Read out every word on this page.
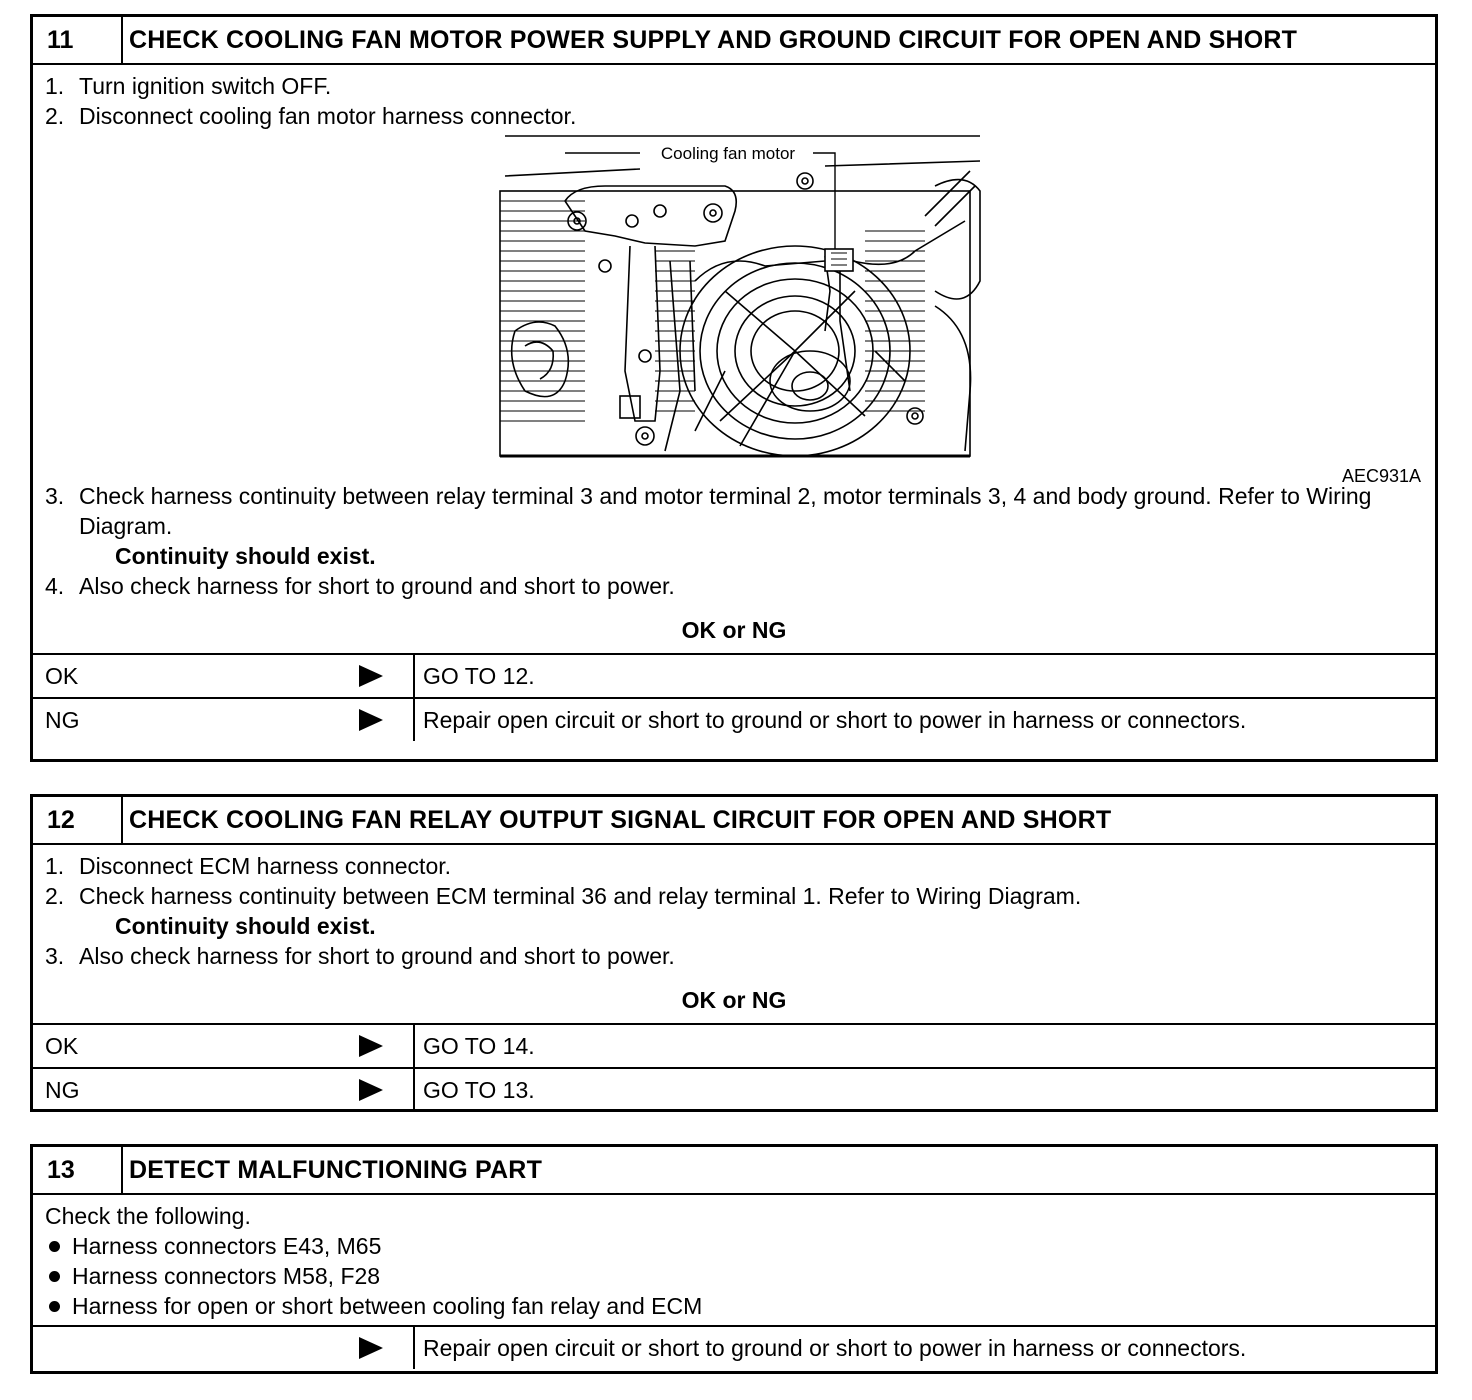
11	CHECK COOLING FAN MOTOR POWER SUPPLY AND GROUND CIRCUIT FOR OPEN AND SHORT
1. Turn ignition switch OFF.
2. Disconnect cooling fan motor harness connector.
Cooling fan motor
AEC931A
3. Check harness continuity between relay terminal 3 and motor terminal 2, motor terminals 3, 4 and body ground. Refer to Wiring Diagram.
Continuity should exist.
4. Also check harness for short to ground and short to power.
OK or NG
OK	GO TO 12.
NG	Repair open circuit or short to ground or short to power in harness or connectors.
12	CHECK COOLING FAN RELAY OUTPUT SIGNAL CIRCUIT FOR OPEN AND SHORT
1. Disconnect ECM harness connector.
2. Check harness continuity between ECM terminal 36 and relay terminal 1. Refer to Wiring Diagram.
Continuity should exist.
3. Also check harness for short to ground and short to power.
OK or NG
OK	GO TO 14.
NG	GO TO 13.
13	DETECT MALFUNCTIONING PART
Check the following.
Harness connectors E43, M65
Harness connectors M58, F28
Harness for open or short between cooling fan relay and ECM
Repair open circuit or short to ground or short to power in harness or connectors.
